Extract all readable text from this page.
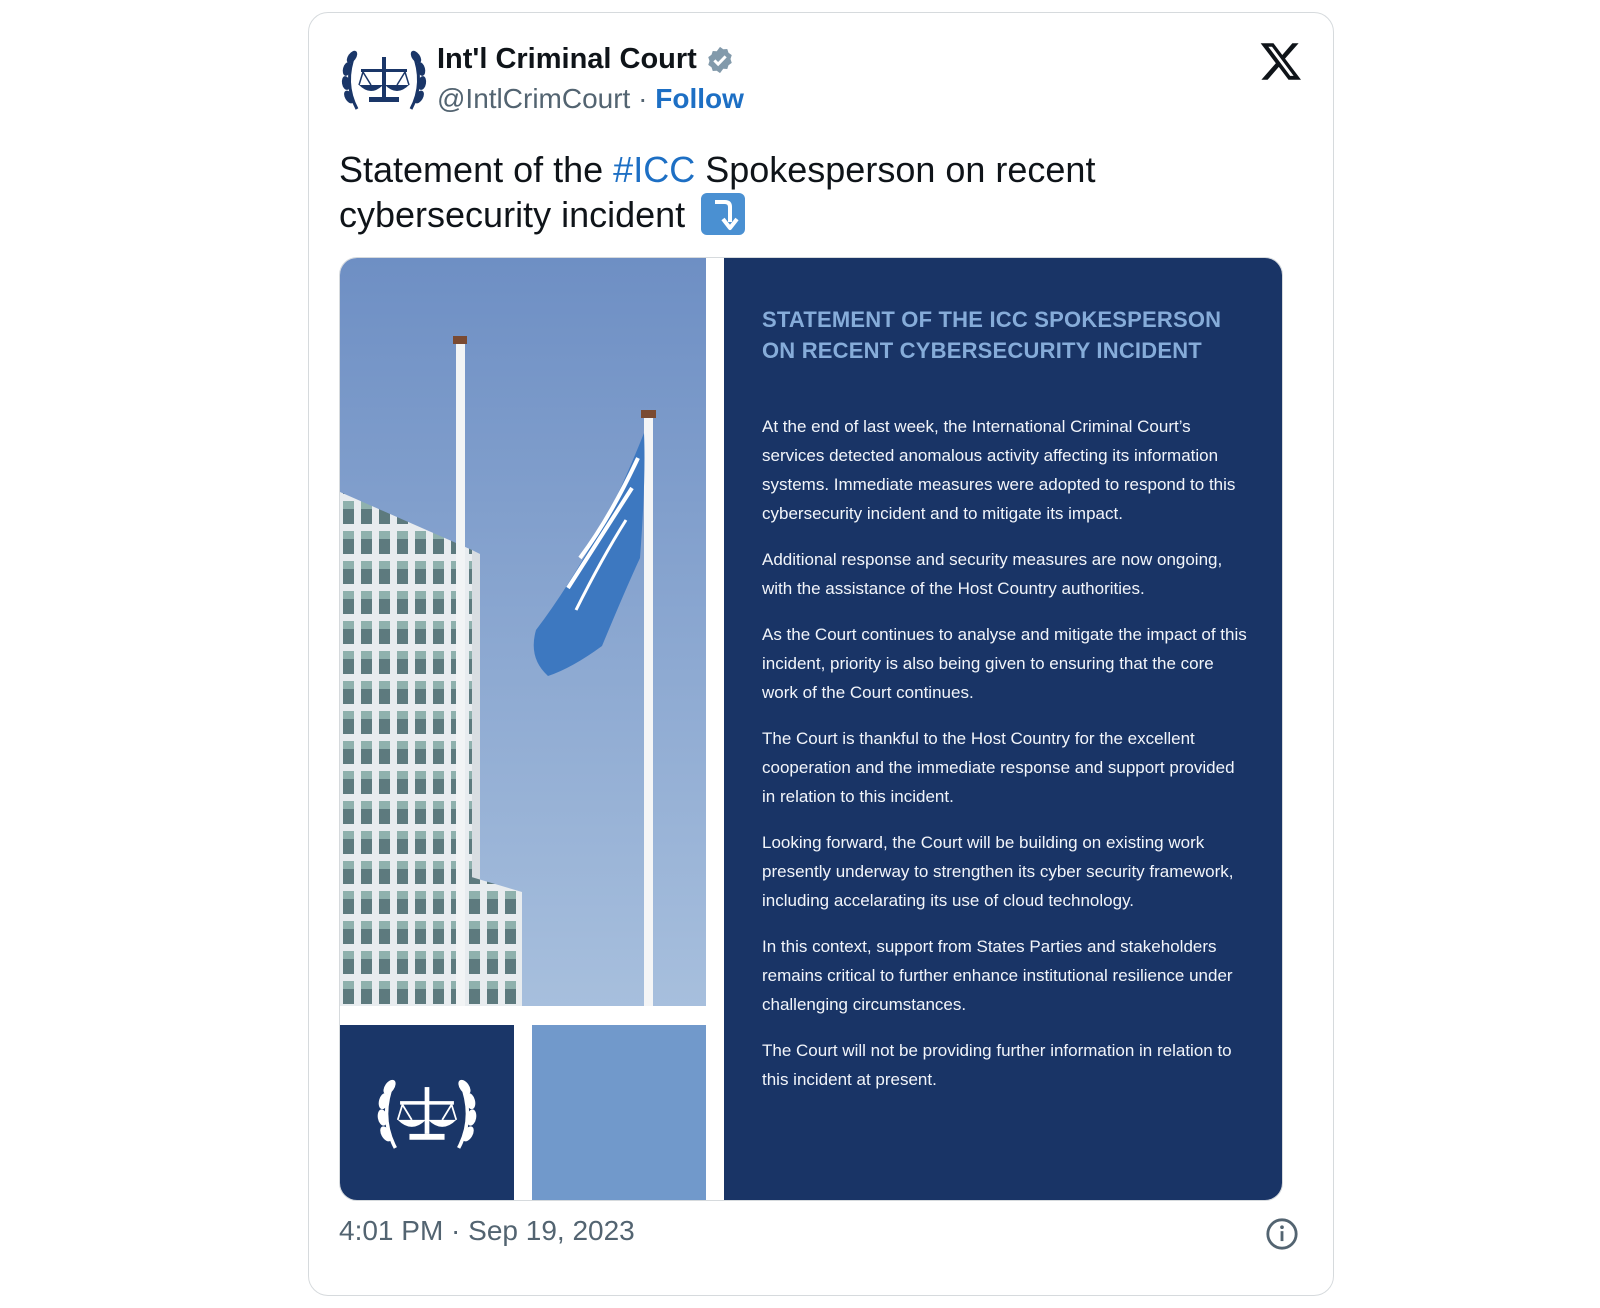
Int'l Criminal Court
@IntlCrimCourt · Follow
Statement of the #ICC Spokesperson on recent cybersecurity incident
STATEMENT OF THE ICC SPOKESPERSON ON RECENT CYBERSECURITY INCIDENT

At the end of last week, the International Criminal Court’s services detected anomalous activity affecting its information systems. Immediate measures were adopted to respond to this cybersecurity incident and to mitigate its impact.

Additional response and security measures are now ongoing, with the assistance of the Host Country authorities.

As the Court continues to analyse and mitigate the impact of this incident, priority is also being given to ensuring that the core work of the Court continues.

The Court is thankful to the Host Country for the excellent cooperation and the immediate response and support provided in relation to this incident.

Looking forward, the Court will be building on existing work presently underway to strengthen its cyber security framework, including accelarating its use of cloud technology.

In this context, support from States Parties and stakeholders remains critical to further enhance institutional resilience under challenging circumstances.

The Court will not be providing further information in relation to this incident at present.

4:01 PM · Sep 19, 2023
